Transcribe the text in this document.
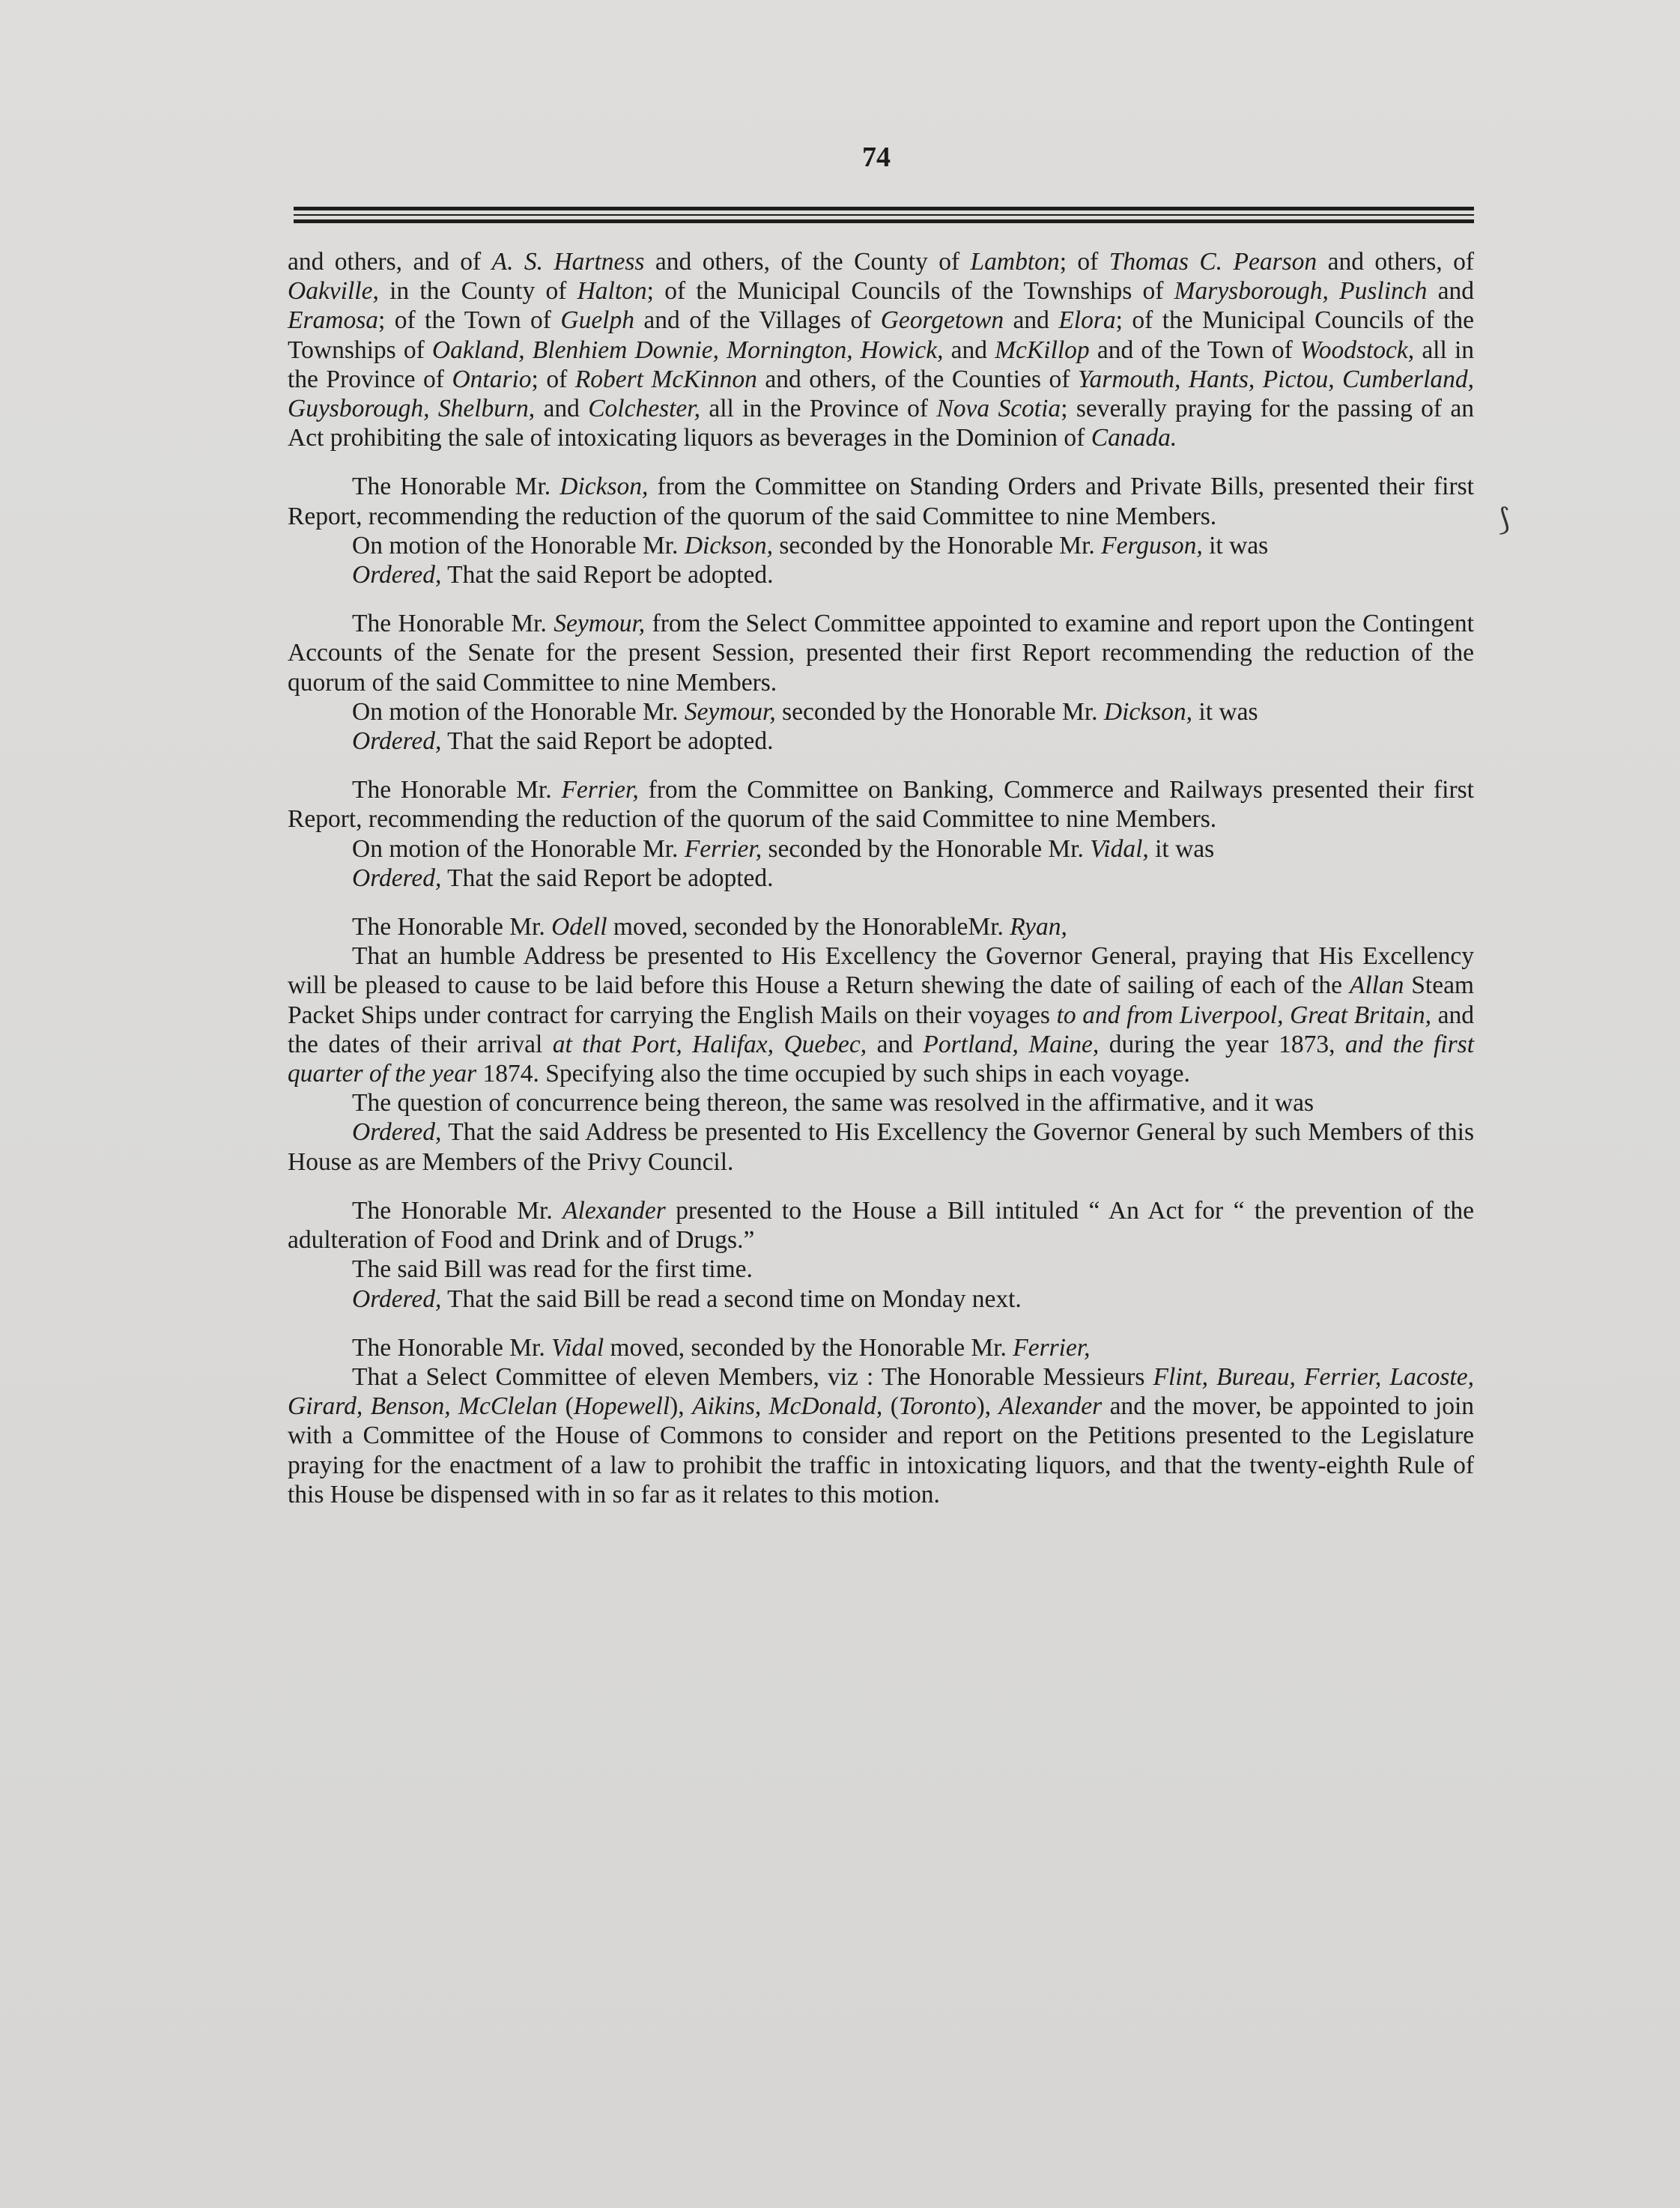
74

and others, and of A. S. Hartness and others, of the County of Lambton; of Thomas C. Pearson and others, of Oakville, in the County of Halton; of the Municipal Councils of the Townships of Marysborough, Puslinch and Eramosa; of the Town of Guelph and of the Villages of Georgetown and Elora; of the Municipal Councils of the Townships of Oakland, Blenhiem Downie, Mornington, Howick, and McKillop and of the Town of Woodstock, all in the Province of Ontario; of Robert McKinnon and others, of the Counties of Yarmouth, Hants, Pictou, Cumberland, Guysborough, Shelburn, and Colchester, all in the Province of Nova Scotia; severally praying for the passing of an Act prohibiting the sale of intoxicating liquors as beverages in the Dominion of Canada.

The Honorable Mr. Dickson, from the Committee on Standing Orders and Private Bills, presented their first Report, recommending the reduction of the quorum of the said Committee to nine Members.

On motion of the Honorable Mr. Dickson, seconded by the Honorable Mr. Ferguson, it was

Ordered, That the said Report be adopted.

The Honorable Mr. Seymour, from the Select Committee appointed to examine and report upon the Contingent Accounts of the Senate for the present Session, presented their first Report recommending the reduction of the quorum of the said Committee to nine Members.

On motion of the Honorable Mr. Seymour, seconded by the Honorable Mr. Dickson, it was

Ordered, That the said Report be adopted.

The Honorable Mr. Ferrier, from the Committee on Banking, Commerce and Railways presented their first Report, recommending the reduction of the quorum of the said Committee to nine Members.

On motion of the Honorable Mr. Ferrier, seconded by the Honorable Mr. Vidal, it was

Ordered, That the said Report be adopted.

The Honorable Mr. Odell moved, seconded by the HonorableMr. Ryan,

That an humble Address be presented to His Excellency the Governor General, praying that His Excellency will be pleased to cause to be laid before this House a Return shewing the date of sailing of each of the Allan Steam Packet Ships under contract for carrying the English Mails on their voyages to and from Liverpool, Great Britain, and the dates of their arrival at that Port, Halifax, Quebec, and Portland, Maine, during the year 1873, and the first quarter of the year 1874. Specifying also the time occupied by such ships in each voyage.

The question of concurrence being thereon, the same was resolved in the affirmative, and it was

Ordered, That the said Address be presented to His Excellency the Governor General by such Members of this House as are Members of the Privy Council.

The Honorable Mr. Alexander presented to the House a Bill intituled “ An Act for “ the prevention of the adulteration of Food and Drink and of Drugs.”

The said Bill was read for the first time.

Ordered, That the said Bill be read a second time on Monday next.

The Honorable Mr. Vidal moved, seconded by the Honorable Mr. Ferrier,

That a Select Committee of eleven Members, viz : The Honorable Messieurs Flint, Bureau, Ferrier, Lacoste, Girard, Benson, McClelan (Hopewell), Aikins, McDonald, (Toronto), Alexander and the mover, be appointed to join with a Committee of the House of Commons to consider and report on the Petitions presented to the Legislature praying for the enactment of a law to prohibit the traffic in intoxicating liquors, and that the twenty-eighth Rule of this House be dispensed with in so far as it relates to this motion.

⟆
